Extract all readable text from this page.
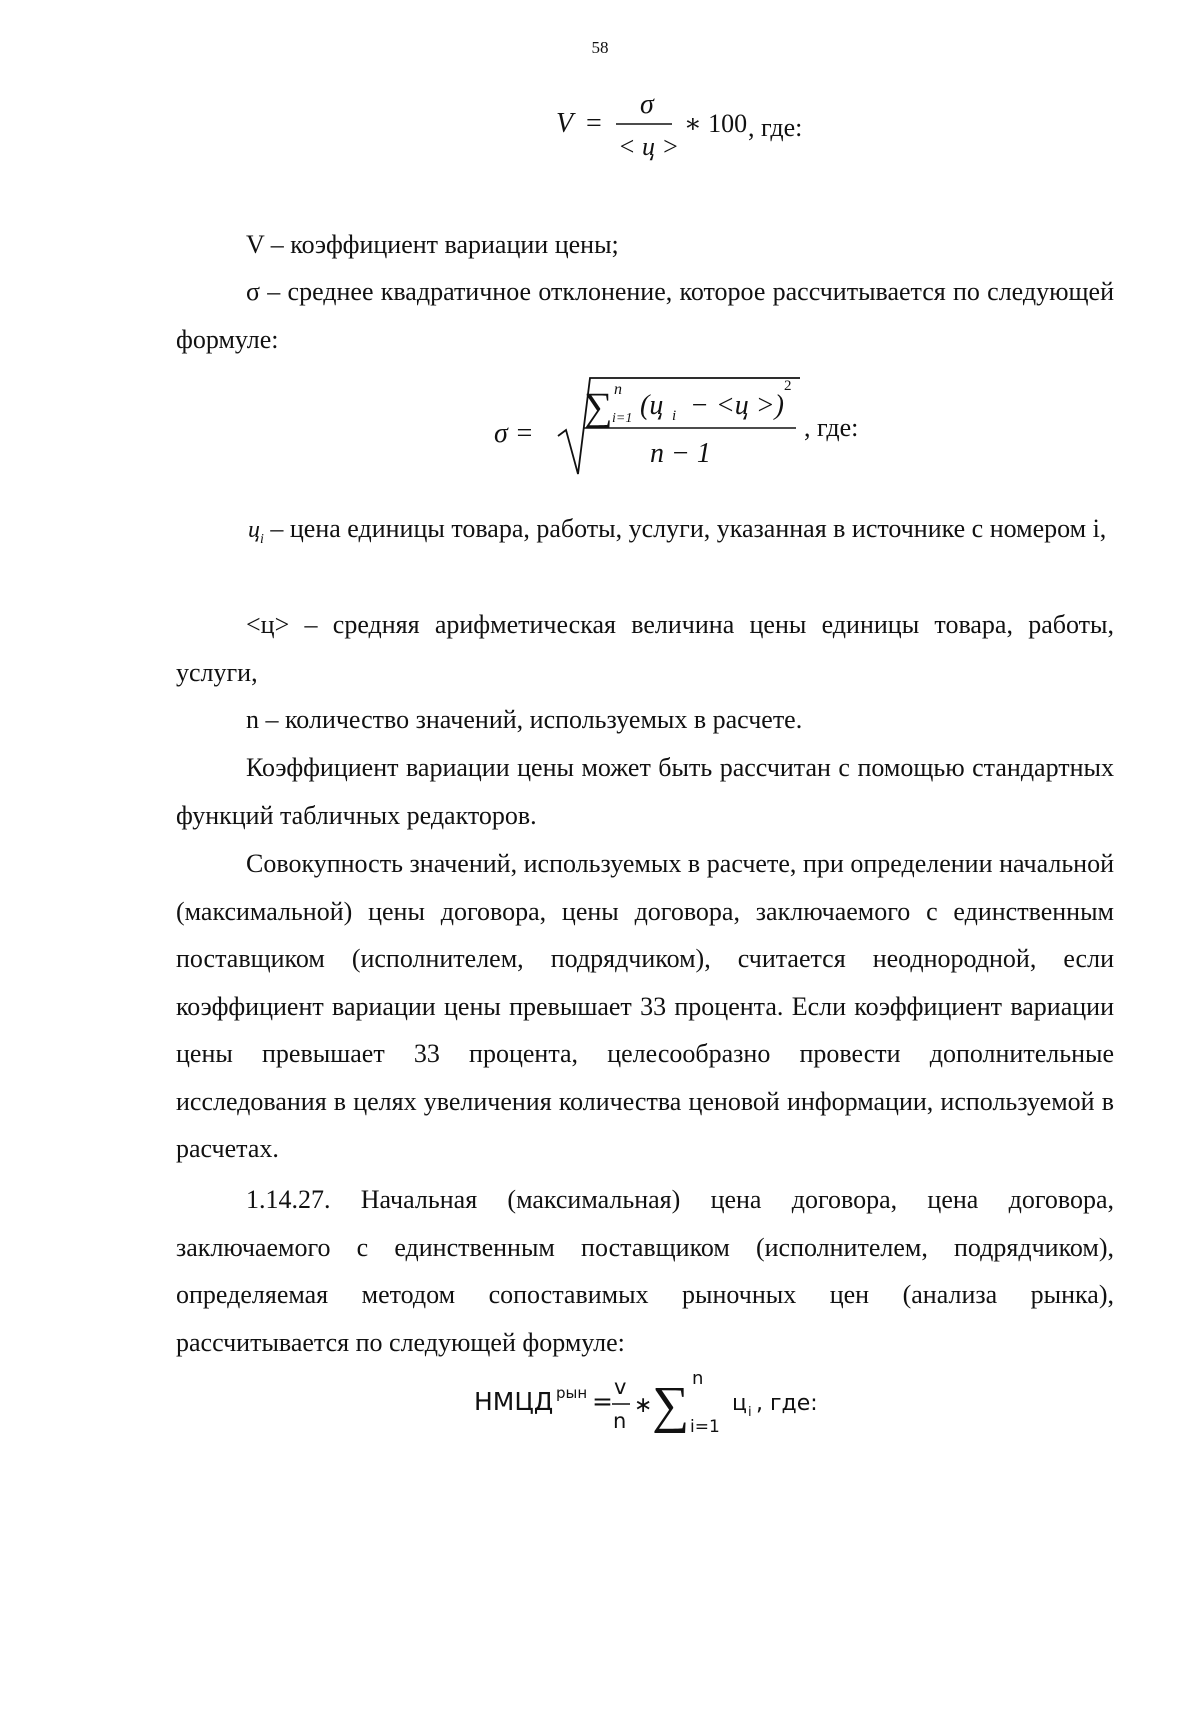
58
V =
σ
< ц >
∗ 100 , где:

V – коэффициент вариации цены;

σ – среднее квадратичное отклонение, которое рассчитывается по следующей формуле:

σ =
∑ n
i=1 (ц i − <ц >)
2
n − 1
, где:

$ц_i$ – цена единицы товара, работы, услуги, указанная в источнике с номером i,

<ц> – средняя арифметическая величина цены единицы товара, работы, услуги,

n – количество значений, используемых в расчете.

Коэффициент вариации цены может быть рассчитан с помощью стандартных функций табличных редакторов.

Совокупность значений, используемых в расчете, при определении начальной (максимальной) цены договора, цены договора, заключаемого с единственным поставщиком (исполнителем, подрядчиком), считается неоднородной, если коэффициент вариации цены превышает 33 процента. Если коэффициент вариации цены превышает 33 процента, целесообразно провести дополнительные исследования в целях увеличения количества ценовой информации, используемой в расчетах.

1.14.27. Начальная (максимальная) цена договора, цена договора, заключаемого с единственным поставщиком (исполнителем, подрядчиком), определяемая методом сопоставимых рыночных цен (анализа рынка), рассчитывается по следующей формуле:

НМЦД рын = v
n
∗ ∑ n
i=1
ц i , где:
